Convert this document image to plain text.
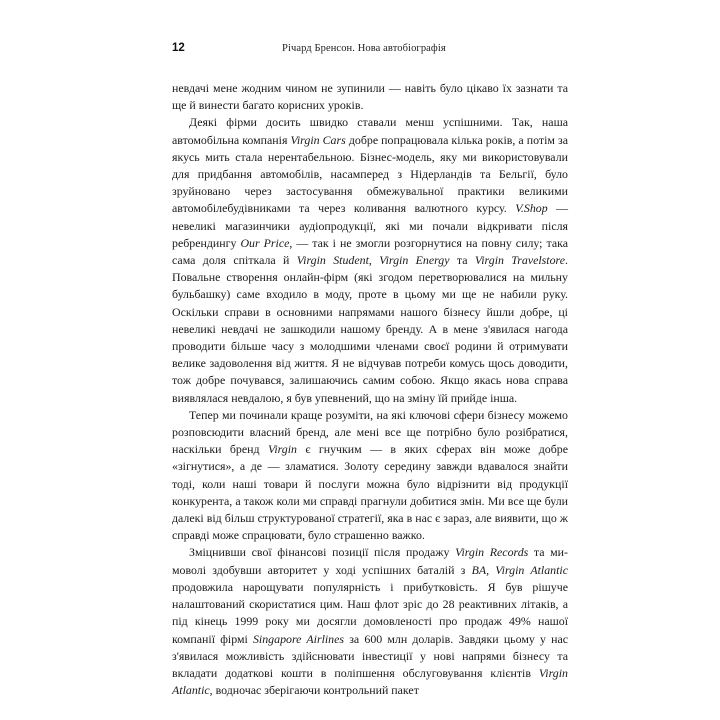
12	Річард Бренсон. Нова автобіографія

невдачі мене жодним чином не зупинили — навіть було цікаво їх зазнати та ще й винести багато корисних уроків.

Деякі фірми досить швидко ставали менш успішними. Так, наша автомобільна компанія Virgin Cars добре попрацювала кілька років, а потім за якусь мить стала нерентабельною. Бізнес-модель, яку ми використовували для придбання автомобілів, насамперед з Нідерландів та Бельгії, було зруйновано через застосування обмежувальної практики великими автомобілебудівниками та через коливання валютного курсу. V.Shop — невеликі магазинчики аудіопродукції, які ми почали відкривати після ребрендингу Our Price, — так і не змогли розгорнутися на повну силу; така сама доля спіткала й Virgin Student, Virgin Energy та Virgin Travelstore. Повальне створення онлайн-фірм (які згодом перетворювалися на мильну бульбашку) саме входило в моду, проте в цьому ми ще не набили руку. Оскільки справи в основними напрямами нашого бізнесу йшли добре, ці невеликі невдачі не зашкодили нашому бренду. А в мене з'явилася нагода проводити більше часу з молодшими членами своєї родини й отримувати велике задоволення від життя. Я не відчував потреби комусь щось доводити, тож добре почувався, залишаючись самим собою. Якщо якась нова справа виявлялася невдалою, я був упевнений, що на зміну їй прийде інша.

Тепер ми починали краще розуміти, на які ключові сфери бізнесу можемо розповсюдити власний бренд, але мені все ще потрібно було розібратися, наскільки бренд Virgin є гнучким — в яких сферах він може добре «зігнутися», а де — зламатися. Золоту середину завжди вдавалося знайти тоді, коли наші товари й послуги можна було відрізнити від продукції конкурента, а також коли ми справді прагнули добитися змін. Ми все ще були далекі від більш структурованої стратегії, яка в нас є зараз, але виявити, що ж справді може спрацювати, було страшенно важко.

Зміцнивши свої фінансові позиції після продажу Virgin Records та мимоволі здобувши авторитет у ході успішних баталій з BA, Virgin Atlantic продовжила нарощувати популярність і прибутковість. Я був рішуче налаштований скористатися цим. Наш флот зріс до 28 реактивних літаків, а під кінець 1999 року ми досягли домовленості про продаж 49% нашої компанії фірмі Singapore Airlines за 600 млн доларів. Завдяки цьому у нас з'явилася можливість здійснювати інвестиції у нові напрями бізнесу та вкладати додаткові кошти в поліпшення обслуговування клієнтів Virgin Atlantic, водночас зберігаючи контрольний пакет
